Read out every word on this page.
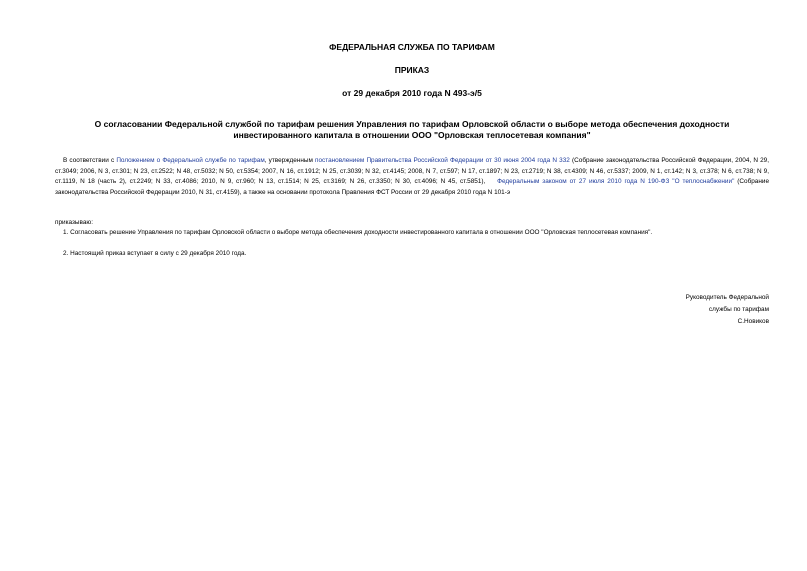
ФЕДЕРАЛЬНАЯ СЛУЖБА ПО ТАРИФАМ
ПРИКАЗ
от 29 декабря 2010 года N 493-э/5
О согласовании Федеральной службой по тарифам решения Управления по тарифам Орловской области о выборе метода обеспечения доходности инвестированного капитала в отношении ООО "Орловская теплосетевая компания"
В соответствии с Положением о Федеральной службе по тарифам, утвержденным постановлением Правительства Российской Федерации от 30 июня 2004 года N 332 (Собрание законодательства Российской Федерации, 2004, N 29, ст.3049; 2006, N 3, ст.301; N 23, ст.2522; N 48, ст.5032; N 50, ст.5354; 2007, N 16, ст.1912; N 25, ст.3039; N 32, ст.4145; 2008, N 7, ст.597; N 17, ст.1897; N 23, ст.2719; N 38, ст.4309; N 46, ст.5337; 2009, N 1, ст.142; N 3, ст.378; N 6, ст.738; N 9, ст.1119, N 18 (часть 2), ст.2249; N 33, ст.4086; 2010, N 9, ст.960; N 13, ст.1514; N 25, ст.3169; N 26, ст.3350; N 30, ст.4096; N 45, ст.5851), Федеральным законом от 27 июля 2010 года N 190-ФЗ "О теплоснабжении" (Собрание законодательства Российской Федерации 2010, N 31, ст.4159), а также на основании протокола Правления ФСТ России от 29 декабря 2010 года N 101-э
приказываю:
1. Согласовать решение Управления по тарифам Орловской области о выборе метода обеспечения доходности инвестированного капитала в отношении ООО "Орловская теплосетевая компания".
2. Настоящий приказ вступает в силу с 29 декабря 2010 года.
Руководитель Федеральной
службы по тарифам
С.Новиков
